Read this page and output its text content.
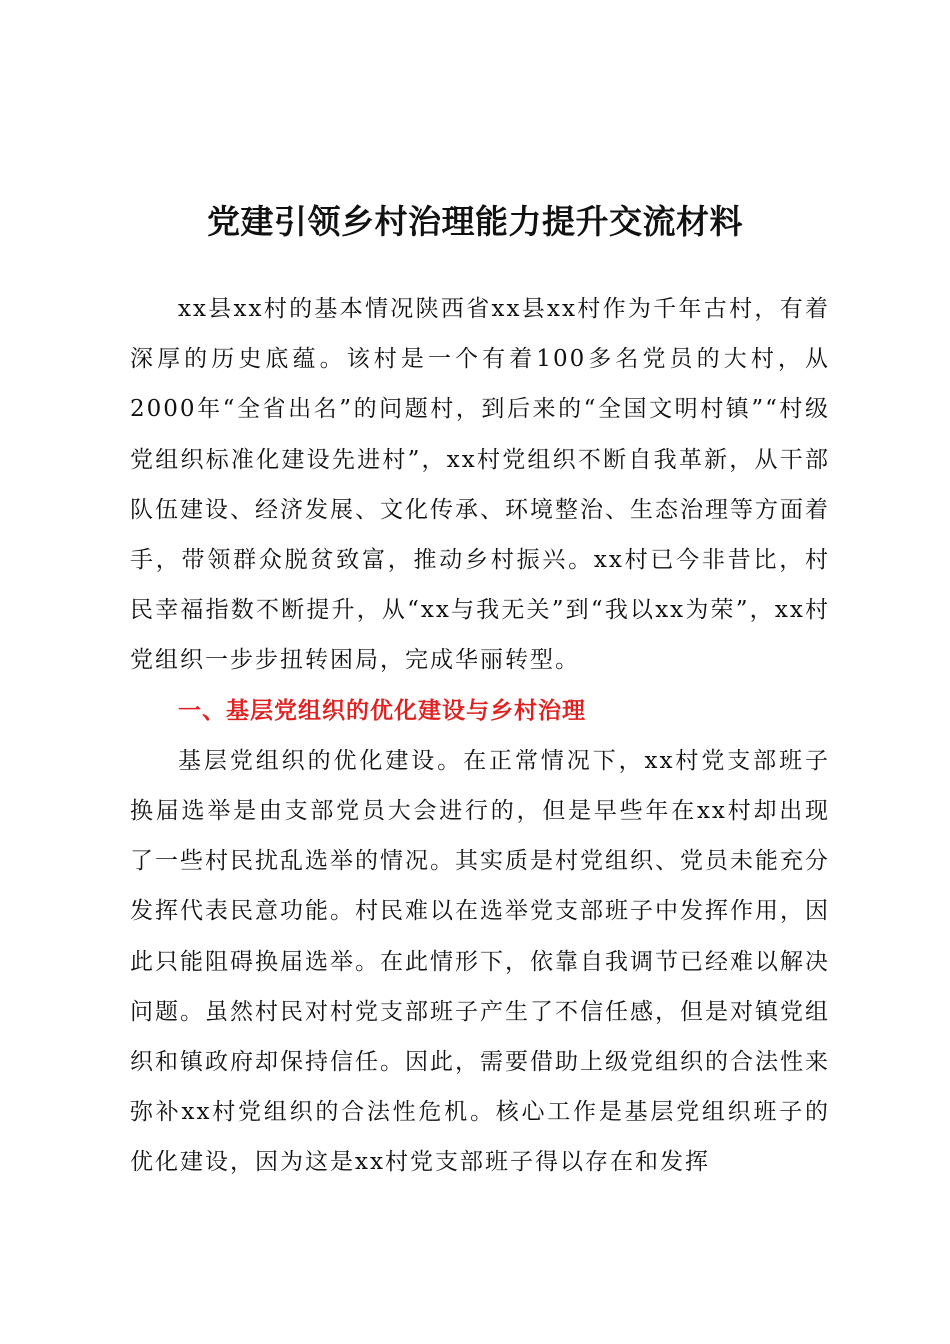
党建引领乡村治理能力提升交流材料

xx县xx村的基本情况陕西省xx县xx村作为千年古村，有着深厚的历史底蕴。该村是一个有着100多名党员的大村，从2000年“全省出名”的问题村，到后来的“全国文明村镇”“村级党组织标准化建设先进村”，xx村党组织不断自我革新，从干部队伍建设、经济发展、文化传承、环境整治、生态治理等方面着手，带领群众脱贫致富，推动乡村振兴。xx村已今非昔比，村民幸福指数不断提升，从“xx与我无关”到“我以xx为荣”，xx村党组织一步步扭转困局，完成华丽转型。

一、基层党组织的优化建设与乡村治理

基层党组织的优化建设。在正常情况下，xx村党支部班子换届选举是由支部党员大会进行的，但是早些年在xx村却出现了一些村民扰乱选举的情况。其实质是村党组织、党员未能充分发挥代表民意功能。村民难以在选举党支部班子中发挥作用，因此只能阻碍换届选举。在此情形下，依靠自我调节已经难以解决问题。虽然村民对村党支部班子产生了不信任感，但是对镇党组织和镇政府却保持信任。因此，需要借助上级党组织的合法性来弥补xx村党组织的合法性危机。核心工作是基层党组织班子的优化建设，因为这是xx村党支部班子得以存在和发挥
